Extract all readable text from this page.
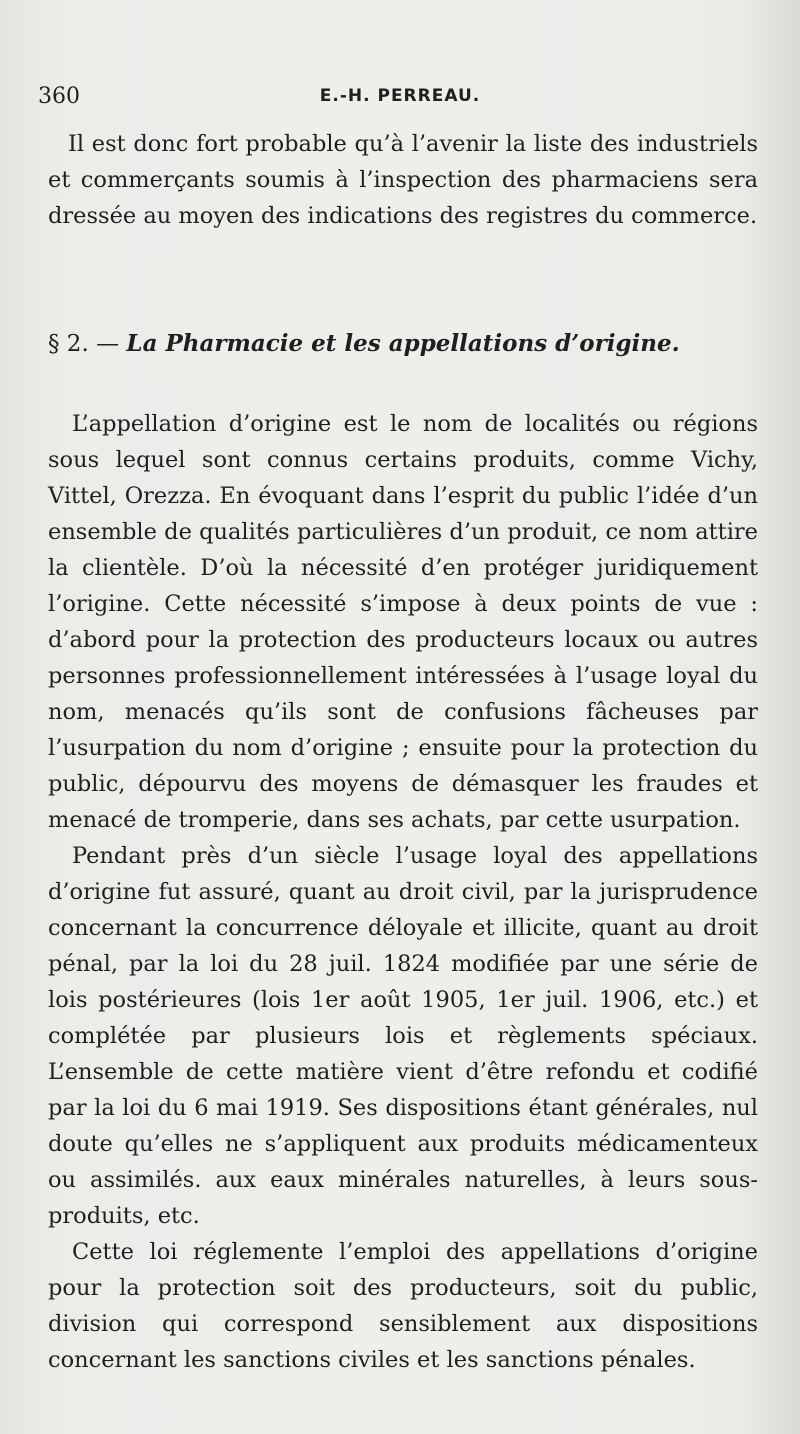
360	E.-H. PERREAU.

Il est donc fort probable qu’à l’avenir la liste des industriels et commerçants soumis à l’inspection des pharmaciens sera dressée au moyen des indications des registres du commerce.

§ 2. — La Pharmacie et les appellations d’origine.

L’appellation d’origine est le nom de localités ou régions sous lequel sont connus certains produits, comme Vichy, Vittel, Orezza. En évoquant dans l’esprit du public l’idée d’un ensemble de qualités particulières d’un produit, ce nom attire la clientèle. D’où la nécessité d’en protéger juridiquement l’origine. Cette nécessité s’impose à deux points de vue : d’abord pour la protection des producteurs locaux ou autres personnes professionnellement intéressées à l’usage loyal du nom, menacés qu’ils sont de confusions fâcheuses par l’usurpation du nom d’origine ; ensuite pour la protection du public, dépourvu des moyens de démasquer les fraudes et menacé de tromperie, dans ses achats, par cette usurpation.

Pendant près d’un siècle l’usage loyal des appellations d’origine fut assuré, quant au droit civil, par la jurisprudence concernant la concurrence déloyale et illicite, quant au droit pénal, par la loi du 28 juil. 1824 modifiée par une série de lois postérieures (lois 1er août 1905, 1er juil. 1906, etc.) et complétée par plusieurs lois et règlements spéciaux. L’ensemble de cette matière vient d’être refondu et codifié par la loi du 6 mai 1919. Ses dispositions étant générales, nul doute qu’elles ne s’appliquent aux produits médicamenteux ou assimilés. aux eaux minérales naturelles, à leurs sous-produits, etc.

Cette loi réglemente l’emploi des appellations d’origine pour la protection soit des producteurs, soit du public, division qui correspond sensiblement aux dispositions concernant les sanctions civiles et les sanctions pénales.
